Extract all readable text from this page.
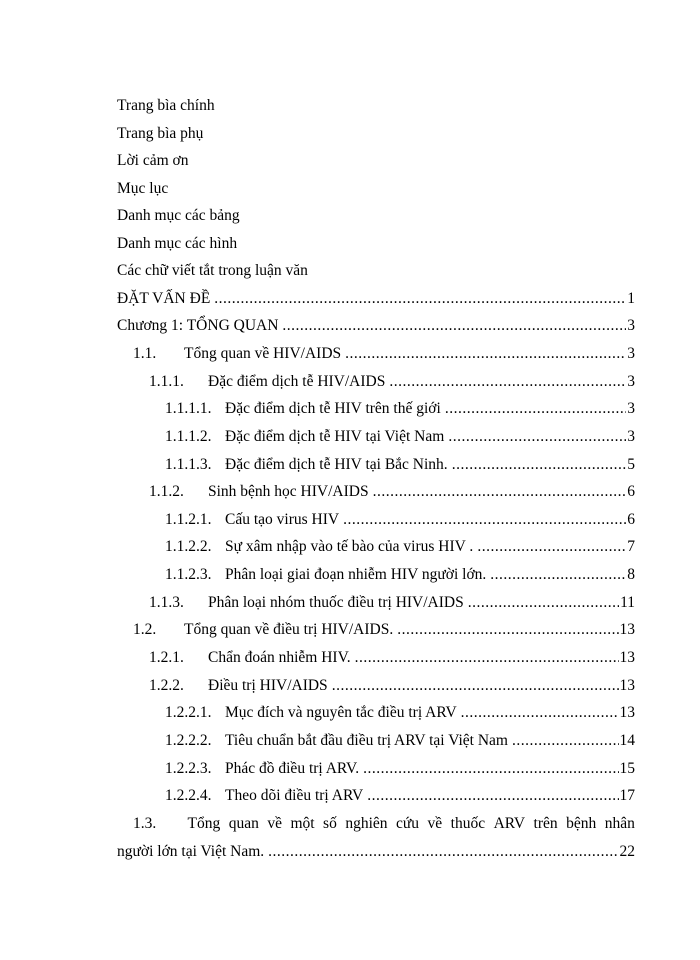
Trang bìa chính
Trang bìa phụ
Lời cảm ơn
Mục lục
Danh mục các bảng
Danh mục các hình
Các chữ viết tắt trong luận văn
ĐẶT VẤN ĐỀ .....	1
Chương 1: TỔNG QUAN .....	3
1.1.	Tổng quan về HIV/AIDS .....	3
1.1.1.	Đặc điểm dịch tễ HIV/AIDS .....	3
1.1.1.1. Đặc điểm dịch tễ HIV trên thế giới .....	3
1.1.1.2. Đặc điểm dịch tễ HIV tại Việt Nam .....	3
1.1.1.3. Đặc điểm dịch tễ HIV tại Bắc Ninh. .....	5
1.1.2.	Sinh bệnh học HIV/AIDS .....	6
1.1.2.1. Cấu tạo virus HIV .....	6
1.1.2.2. Sự xâm nhập vào tế bào của virus HIV . .....	7
1.1.2.3. Phân loại giai đoạn nhiễm HIV người lớn. .....	8
1.1.3.	Phân loại nhóm thuốc điều trị HIV/AIDS .....	11
1.2.	Tổng quan về điều trị HIV/AIDS. .....	13
1.2.1.	Chẩn đoán nhiễm HIV. .....	13
1.2.2.	Điều trị HIV/AIDS .....	13
1.2.2.1. Mục đích và nguyên tắc điều trị ARV .....	13
1.2.2.2. Tiêu chuẩn bắt đầu điều trị ARV tại Việt Nam .....	14
1.2.2.3. Phác đồ điều trị ARV. .....	15
1.2.2.4. Theo dõi điều trị ARV .....	17
1.3.	Tổng quan về một số nghiên cứu về thuốc ARV trên bệnh nhân
người lớn tại Việt Nam. .....	22
